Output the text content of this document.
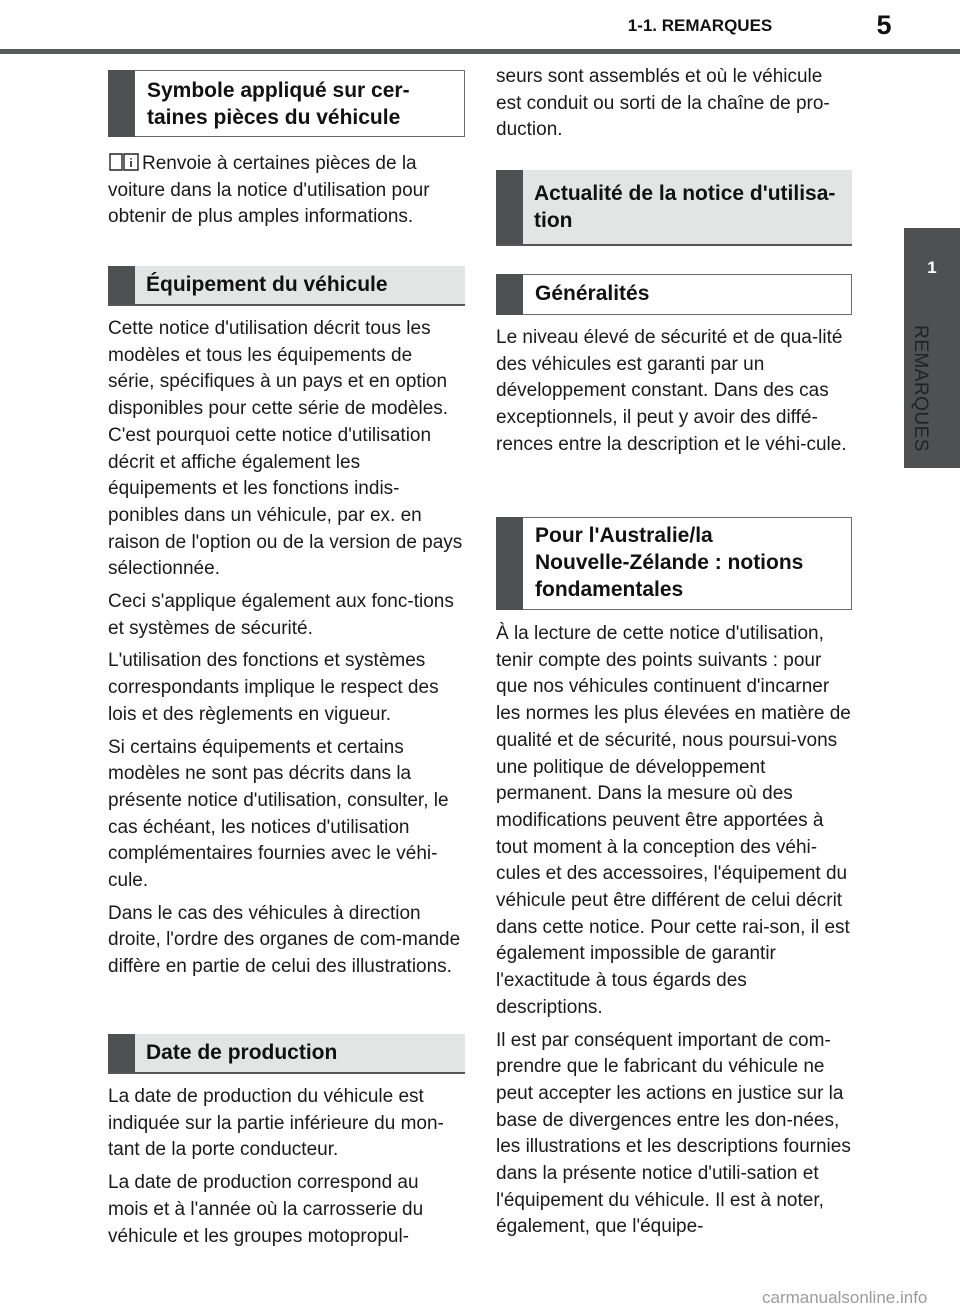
1-1. REMARQUES	5
1
REMARQUES
Symbole appliqué sur cer-
taines pièces du véhicule

Renvoie à certaines pièces de la voiture dans la notice d'utilisation pour obtenir de plus amples informations.

Équipement du véhicule

Cette notice d'utilisation décrit tous les modèles et tous les équipements de série, spécifiques à un pays et en option disponibles pour cette série de modèles. C'est pourquoi cette notice d'utilisation décrit et affiche également les équipements et les fonctions indis-ponibles dans un véhicule, par ex. en raison de l'option ou de la version de pays sélectionnée.

Ceci s'applique également aux fonc-tions et systèmes de sécurité.

L'utilisation des fonctions et systèmes correspondants implique le respect des lois et des règlements en vigueur.

Si certains équipements et certains modèles ne sont pas décrits dans la présente notice d'utilisation, consulter, le cas échéant, les notices d'utilisation complémentaires fournies avec le véhi-cule.

Dans le cas des véhicules à direction droite, l'ordre des organes de com-mande diffère en partie de celui des illustrations.

Date de production

La date de production du véhicule est indiquée sur la partie inférieure du mon-tant de la porte conducteur.

La date de production correspond au mois et à l'année où la carrosserie du véhicule et les groupes motopropul-

seurs sont assemblés et où le véhicule est conduit ou sorti de la chaîne de pro-duction.

Actualité de la notice d'utilisa-
tion
Généralités

Le niveau élevé de sécurité et de qua-lité des véhicules est garanti par un développement constant. Dans des cas exceptionnels, il peut y avoir des diffé-rences entre la description et le véhi-cule.

Pour l'Australie/la
Nouvelle-Zélande : notions
fondamentales

À la lecture de cette notice d'utilisation, tenir compte des points suivants : pour que nos véhicules continuent d'incarner les normes les plus élevées en matière de qualité et de sécurité, nous poursui-vons une politique de développement permanent. Dans la mesure où des modifications peuvent être apportées à tout moment à la conception des véhi-cules et des accessoires, l'équipement du véhicule peut être différent de celui décrit dans cette notice. Pour cette rai-son, il est également impossible de garantir l'exactitude à tous égards des descriptions.

Il est par conséquent important de com-prendre que le fabricant du véhicule ne peut accepter les actions en justice sur la base de divergences entre les don-nées, les illustrations et les descriptions fournies dans la présente notice d'utili-sation et l'équipement du véhicule. Il est à noter, également, que l'équipe-

carmanualsonline.info
